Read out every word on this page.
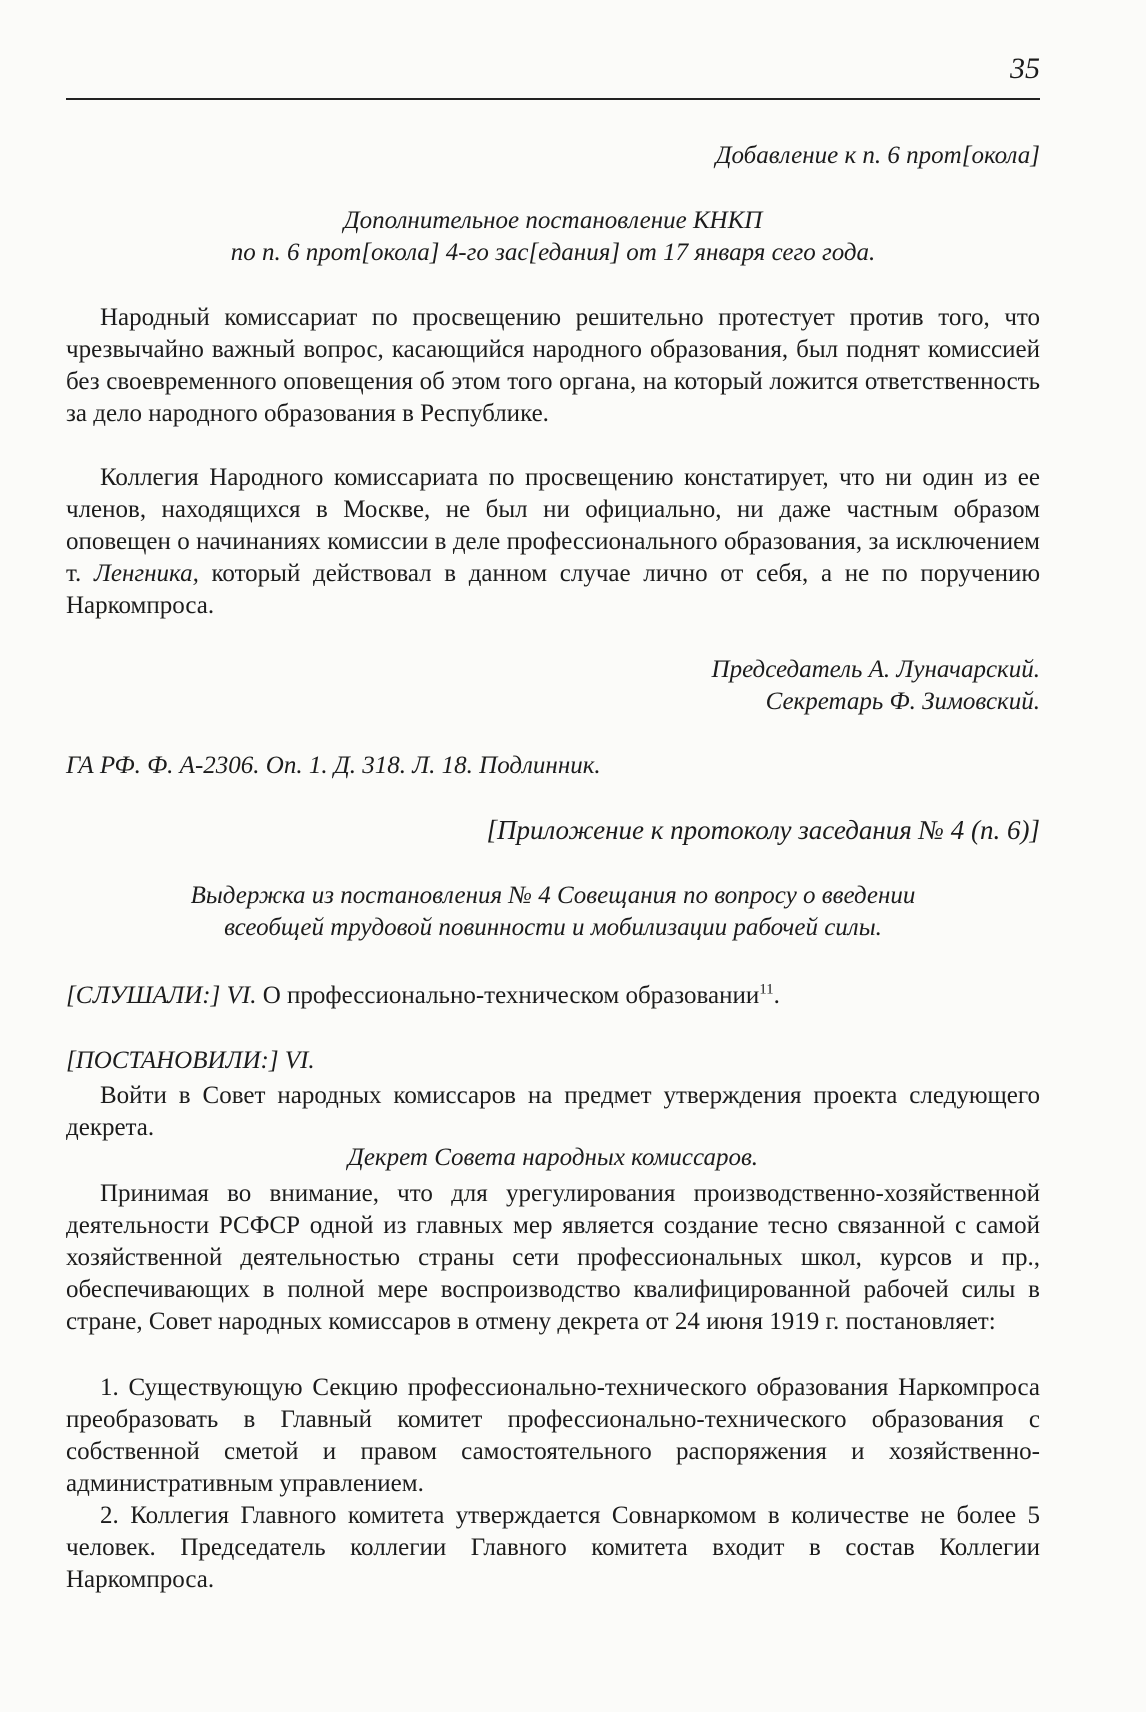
35
Добавление к п. 6 прот[окола]
Дополнительное постановление КНКП
по п. 6 прот[окола] 4-го зас[едания] от 17 января сего года.
Народный комиссариат по просвещению решительно протестует против того, что чрезвычайно важный вопрос, касающийся народного образования, был поднят комиссией без своевременного оповещения об этом того органа, на который ложится ответственность за дело народного образования в Республике.
Коллегия Народного комиссариата по просвещению констатирует, что ни один из ее членов, находящихся в Москве, не был ни официально, ни даже частным образом оповещен о начинаниях комиссии в деле профессионального образования, за исключением т. Ленгника, который действовал в данном случае лично от себя, а не по поручению Наркомпроса.
Председатель А. Луначарский.
Секретарь Ф. Зимовский.
ГА РФ. Ф. А-2306. Оп. 1. Д. 318. Л. 18. Подлинник.
[Приложение к протоколу заседания № 4 (п. 6)]
Выдержка из постановления № 4 Совещания по вопросу о введении
всеобщей трудовой повинности и мобилизации рабочей силы.
[СЛУШАЛИ:] VI. О профессионально-техническом образовании$^{11}$.
[ПОСТАНОВИЛИ:] VI.
Войти в Совет народных комиссаров на предмет утверждения проекта следующего декрета.
Декрет Совета народных комиссаров.
Принимая во внимание, что для урегулирования производственно-хозяйственной деятельности РСФСР одной из главных мер является создание тесно связанной с самой хозяйственной деятельностью страны сети профессиональных школ, курсов и пр., обеспечивающих в полной мере воспроизводство квалифицированной рабочей силы в стране, Совет народных комиссаров в отмену декрета от 24 июня 1919 г. постановляет:
1. Существующую Секцию профессионально-технического образования Наркомпроса преобразовать в Главный комитет профессионально-технического образования с собственной сметой и правом самостоятельного распоряжения и хозяйственно-административным управлением.
2. Коллегия Главного комитета утверждается Совнаркомом в количестве не более 5 человек. Председатель коллегии Главного комитета входит в состав Коллегии Наркомпроса.
